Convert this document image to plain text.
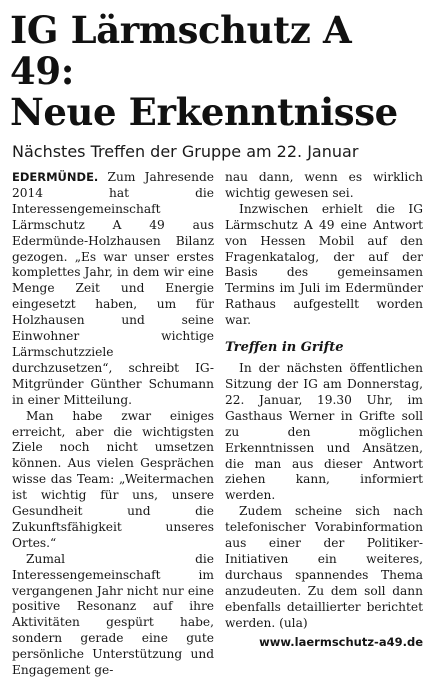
IG Lärmschutz A 49:
Neue Erkenntnisse
Nächstes Treffen der Gruppe am 22. Januar

EDERMÜNDE. Zum Jahresende 2014 hat die Interessengemeinschaft Lärmschutz A 49 aus Edermünde-Holzhausen Bilanz gezogen. „Es war unser erstes komplettes Jahr, in dem wir eine Menge Zeit und Energie eingesetzt haben, um für Holzhausen und seine Einwohner wichtige Lärmschutzziele durchzusetzen“, schreibt IG-Mitgründer Günther Schumann in einer Mitteilung.

Man habe zwar einiges erreicht, aber die wichtigsten Ziele noch nicht umsetzen können. Aus vielen Gesprächen wisse das Team: „Weitermachen ist wichtig für uns, unsere Gesundheit und die Zukunftsfähigkeit unseres Ortes.“

Zumal die Interessengemeinschaft im vergangenen Jahr nicht nur eine positive Resonanz auf ihre Aktivitäten gespürt habe, sondern gerade eine gute persönliche Unterstützung und Engagement ge-

nau dann, wenn es wirklich wichtig gewesen sei.

Inzwischen erhielt die IG Lärmschutz A 49 eine Antwort von Hessen Mobil auf den Fragenkatalog, der auf der Basis des gemeinsamen Termins im Juli im Edermünder Rathaus aufgestellt worden war.

Treffen in Grifte

In der nächsten öffentlichen Sitzung der IG am Donnerstag, 22. Januar, 19.30 Uhr, im Gasthaus Werner in Grifte soll zu den möglichen Erkenntnissen und Ansätzen, die man aus dieser Antwort ziehen kann, informiert werden.

Zudem scheine sich nach telefonischer Vorabinformation aus einer der Politiker-Initiativen ein weiteres, durchaus spannendes Thema anzudeuten. Zu dem soll dann ebenfalls detaillierter berichtet werden. (ula)

www.laermschutz-a49.de
